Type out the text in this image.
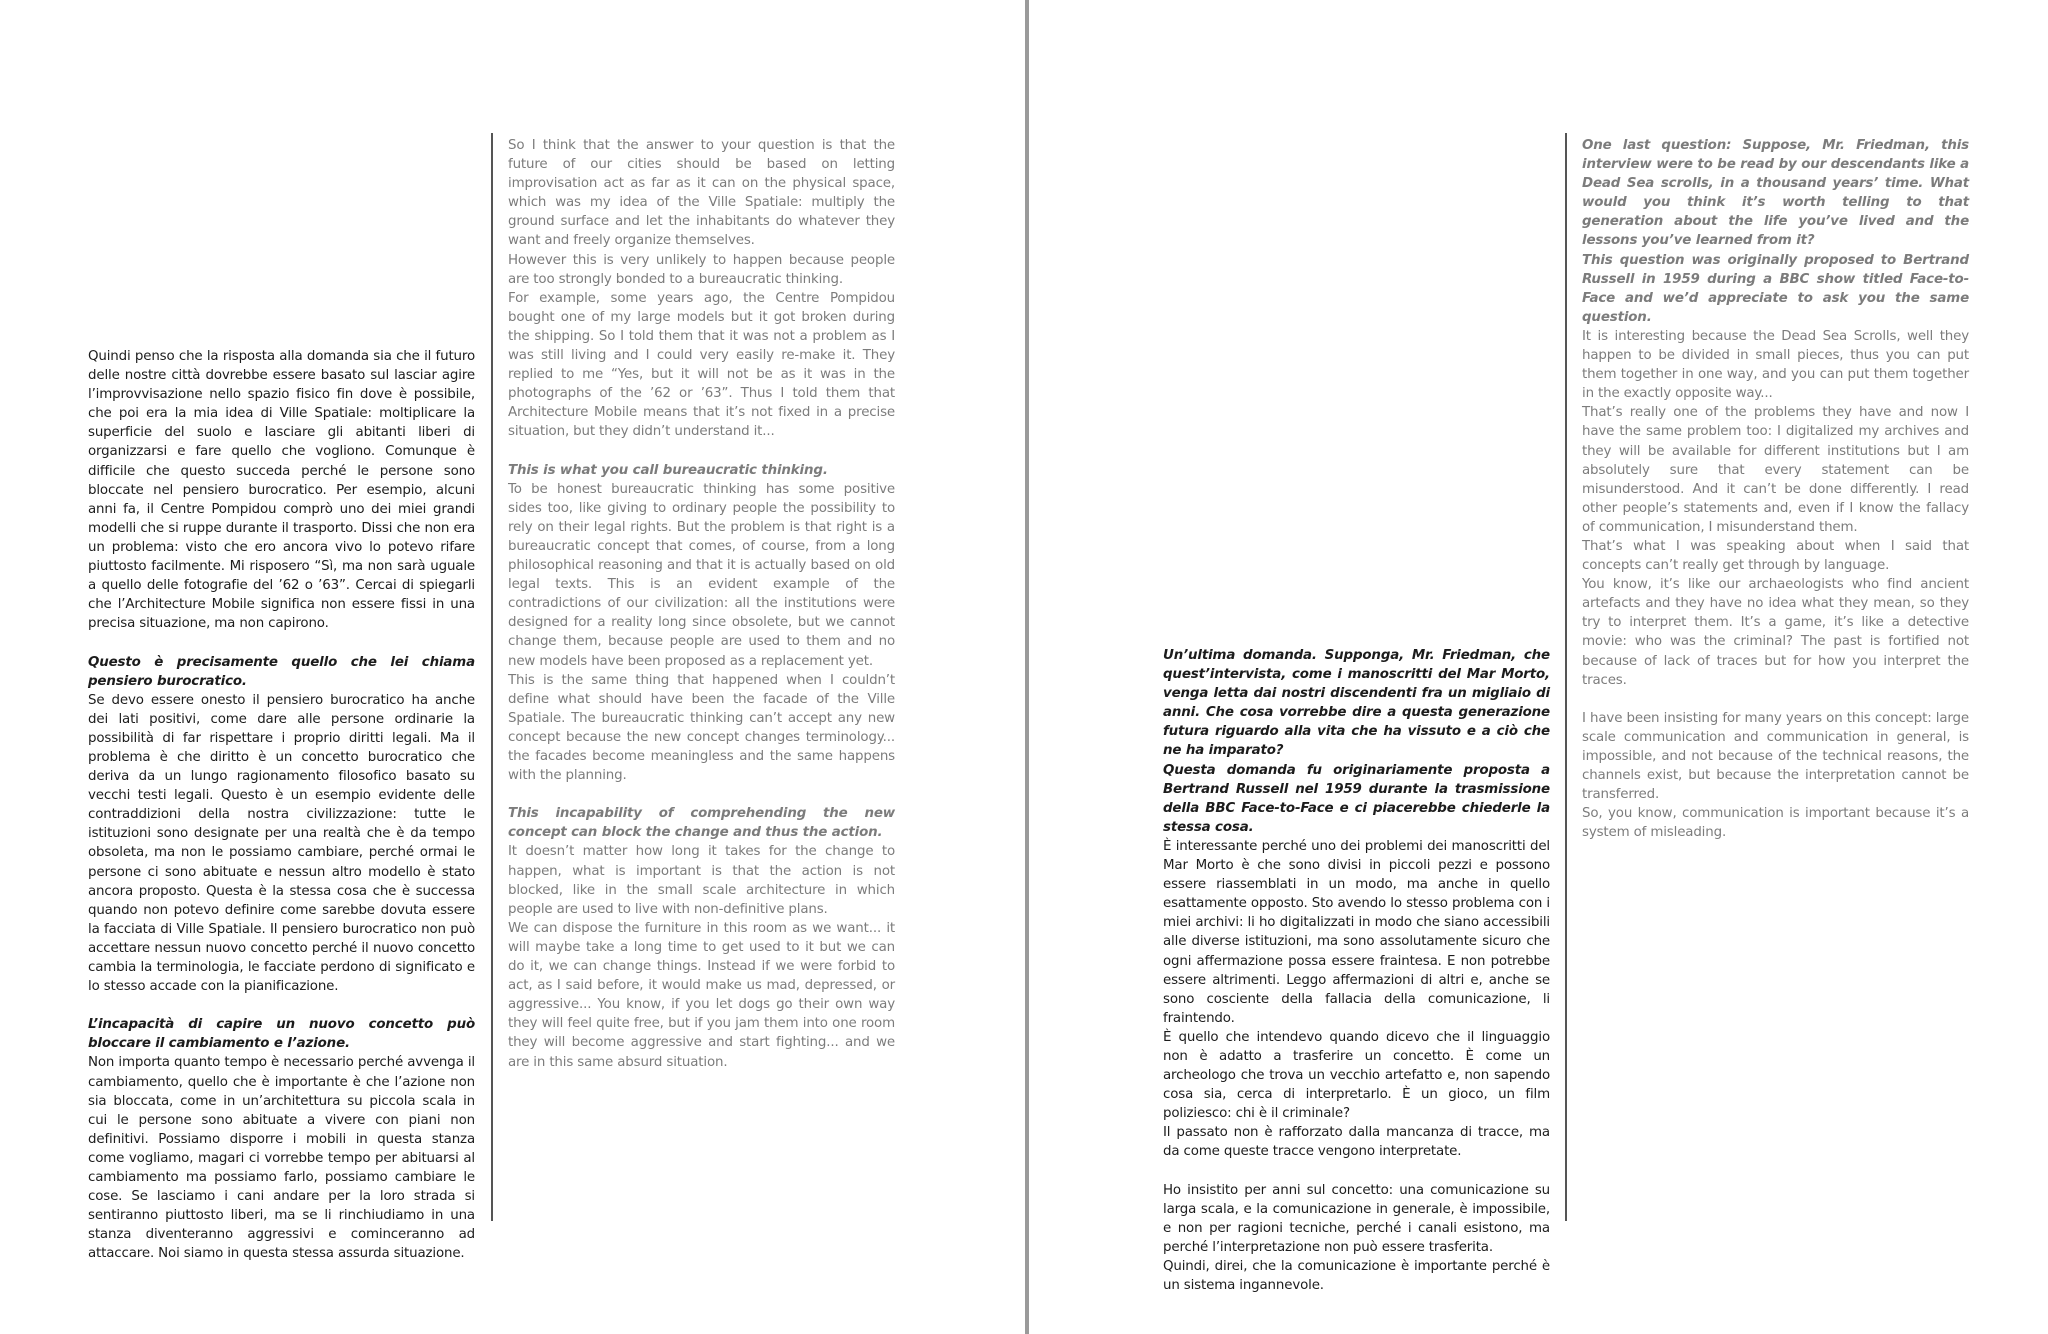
Quindi penso che la risposta alla domanda sia che il futuro delle nostre città dovrebbe essere basato sul lasciar agire l’improvvisazione nello spazio fisico fin dove è possibile, che poi era la mia idea di Ville Spatiale: moltiplicare la superficie del suolo e lasciare gli abitanti liberi di organizzarsi e fare quello che vogliono. Comunque è difficile che questo succeda perché le persone sono bloccate nel pensiero burocratico. Per esempio, alcuni anni fa, il Centre Pompidou comprò uno dei miei grandi modelli che si ruppe durante il trasporto. Dissi che non era un problema: visto che ero ancora vivo lo potevo rifare piuttosto facilmente. Mi risposero “Sì, ma non sarà uguale a quello delle fotografie del ’62 o ’63”. Cercai di spiegarli che l’Architecture Mobile significa non essere fissi in una precisa situazione, ma non capirono.

Questo è precisamente quello che lei chiama pensiero burocratico.

Se devo essere onesto il pensiero burocratico ha anche dei lati positivi, come dare alle persone ordinarie la possibilità di far rispettare i proprio diritti legali. Ma il problema è che diritto è un concetto burocratico che deriva da un lungo ragionamento filosofico basato su vecchi testi legali. Questo è un esempio evidente delle contraddizioni della nostra civilizzazione: tutte le istituzioni sono designate per una realtà che è da tempo obsoleta, ma non le possiamo cambiare, perché ormai le persone ci sono abituate e nessun altro modello è stato ancora proposto. Questa è la stessa cosa che è successa quando non potevo definire come sarebbe dovuta essere la facciata di Ville Spatiale. Il pensiero burocratico non può accettare nessun nuovo concetto perché il nuovo concetto cambia la terminologia, le facciate perdono di significato e lo stesso accade con la pianificazione.

L’incapacità di capire un nuovo concetto può bloccare il cambiamento e l’azione.

Non importa quanto tempo è necessario perché avvenga il cambiamento, quello che è importante è che l’azione non sia bloccata, come in un’architettura su piccola scala in cui le persone sono abituate a vivere con piani non definitivi. Possiamo disporre i mobili in questa stanza come vogliamo, magari ci vorrebbe tempo per abituarsi al cambiamento ma possiamo farlo, possiamo cambiare le cose. Se lasciamo i cani andare per la loro strada si sentiranno piuttosto liberi, ma se li rinchiudiamo in una stanza diventeranno aggressivi e cominceranno ad attaccare. Noi siamo in questa stessa assurda situazione.

So I think that the answer to your question is that the future of our cities should be based on letting improvisation act as far as it can on the physical space, which was my idea of the Ville Spatiale: multiply the ground surface and let the inhabitants do whatever they want and freely organize themselves.

However this is very unlikely to happen because people are too strongly bonded to a bureaucratic thinking.

For example, some years ago, the Centre Pompidou bought one of my large models but it got broken during the shipping. So I told them that it was not a problem as I was still living and I could very easily re-make it. They replied to me “Yes, but it will not be as it was in the photographs of the ’62 or ’63”. Thus I told them that Architecture Mobile means that it’s not fixed in a precise situation, but they didn’t understand it...

This is what you call bureaucratic thinking.

To be honest bureaucratic thinking has some positive sides too, like giving to ordinary people the possibility to rely on their legal rights. But the problem is that right is a bureaucratic concept that comes, of course, from a long philosophical reasoning and that it is actually based on old legal texts. This is an evident example of the contradictions of our civilization: all the institutions were designed for a reality long since obsolete, but we cannot change them, because people are used to them and no new models have been proposed as a replacement yet.

This is the same thing that happened when I couldn’t define what should have been the facade of the Ville Spatiale. The bureaucratic thinking can’t accept any new concept because the new concept changes terminology... the facades become meaningless and the same happens with the planning.

This incapability of comprehending the new concept can block the change and thus the action.

It doesn’t matter how long it takes for the change to happen, what is important is that the action is not blocked, like in the small scale architecture in which people are used to live with non-definitive plans.

We can dispose the furniture in this room as we want... it will maybe take a long time to get used to it but we can do it, we can change things. Instead if we were forbid to act, as I said before, it would make us mad, depressed, or aggressive... You know, if you let dogs go their own way they will feel quite free, but if you jam them into one room they will become aggressive and start fighting... and we are in this same absurd situation.

Un’ultima domanda. Supponga, Mr. Friedman, che quest’intervista, come i manoscritti del Mar Morto, venga letta dai nostri discendenti fra un migliaio di anni. Che cosa vorrebbe dire a questa generazione futura riguardo alla vita che ha vissuto e a ciò che ne ha imparato?

Questa domanda fu originariamente proposta a Bertrand Russell nel 1959 durante la trasmissione della BBC Face-to-Face e ci piacerebbe chiederle la stessa cosa.

È interessante perché uno dei problemi dei manoscritti del Mar Morto è che sono divisi in piccoli pezzi e possono essere riassemblati in un modo, ma anche in quello esattamente opposto. Sto avendo lo stesso problema con i miei archivi: li ho digitalizzati in modo che siano accessibili alle diverse istituzioni, ma sono assolutamente sicuro che ogni affermazione possa essere fraintesa. E non potrebbe essere altrimenti. Leggo affermazioni di altri e, anche se sono cosciente della fallacia della comunicazione, li fraintendo.

È quello che intendevo quando dicevo che il linguaggio non è adatto a trasferire un concetto. È come un archeologo che trova un vecchio artefatto e, non sapendo cosa sia, cerca di interpretarlo. È un gioco, un film poliziesco: chi è il criminale?

Il passato non è rafforzato dalla mancanza di tracce, ma da come queste tracce vengono interpretate.

Ho insistito per anni sul concetto: una comunicazione su larga scala, e la comunicazione in generale, è impossibile, e non per ragioni tecniche, perché i canali esistono, ma perché l’interpretazione non può essere trasferita.

Quindi, direi, che la comunicazione è importante perché è un sistema ingannevole.

One last question: Suppose, Mr. Friedman, this interview were to be read by our descendants like a Dead Sea scrolls, in a thousand years’ time. What would you think it’s worth telling to that generation about the life you’ve lived and the lessons you’ve learned from it?

This question was originally proposed to Bertrand Russell in 1959 during a BBC show titled Face-to-Face and we’d appreciate to ask you the same question.

It is interesting because the Dead Sea Scrolls, well they happen to be divided in small pieces, thus you can put them together in one way, and you can put them together in the exactly opposite way...

That’s really one of the problems they have and now I have the same problem too: I digitalized my archives and they will be available for different institutions but I am absolutely sure that every statement can be misunderstood. And it can’t be done differently. I read other people’s statements and, even if I know the fallacy of communication, I misunderstand them.

That’s what I was speaking about when I said that concepts can’t really get through by language.

You know, it’s like our archaeologists who find ancient artefacts and they have no idea what they mean, so they try to interpret them. It’s a game, it’s like a detective movie: who was the criminal? The past is fortified not because of lack of traces but for how you interpret the traces.

I have been insisting for many years on this concept: large scale communication and communication in general, is impossible, and not because of the technical reasons, the channels exist, but because the interpretation cannot be transferred.

So, you know, communication is important because it’s a system of misleading.
